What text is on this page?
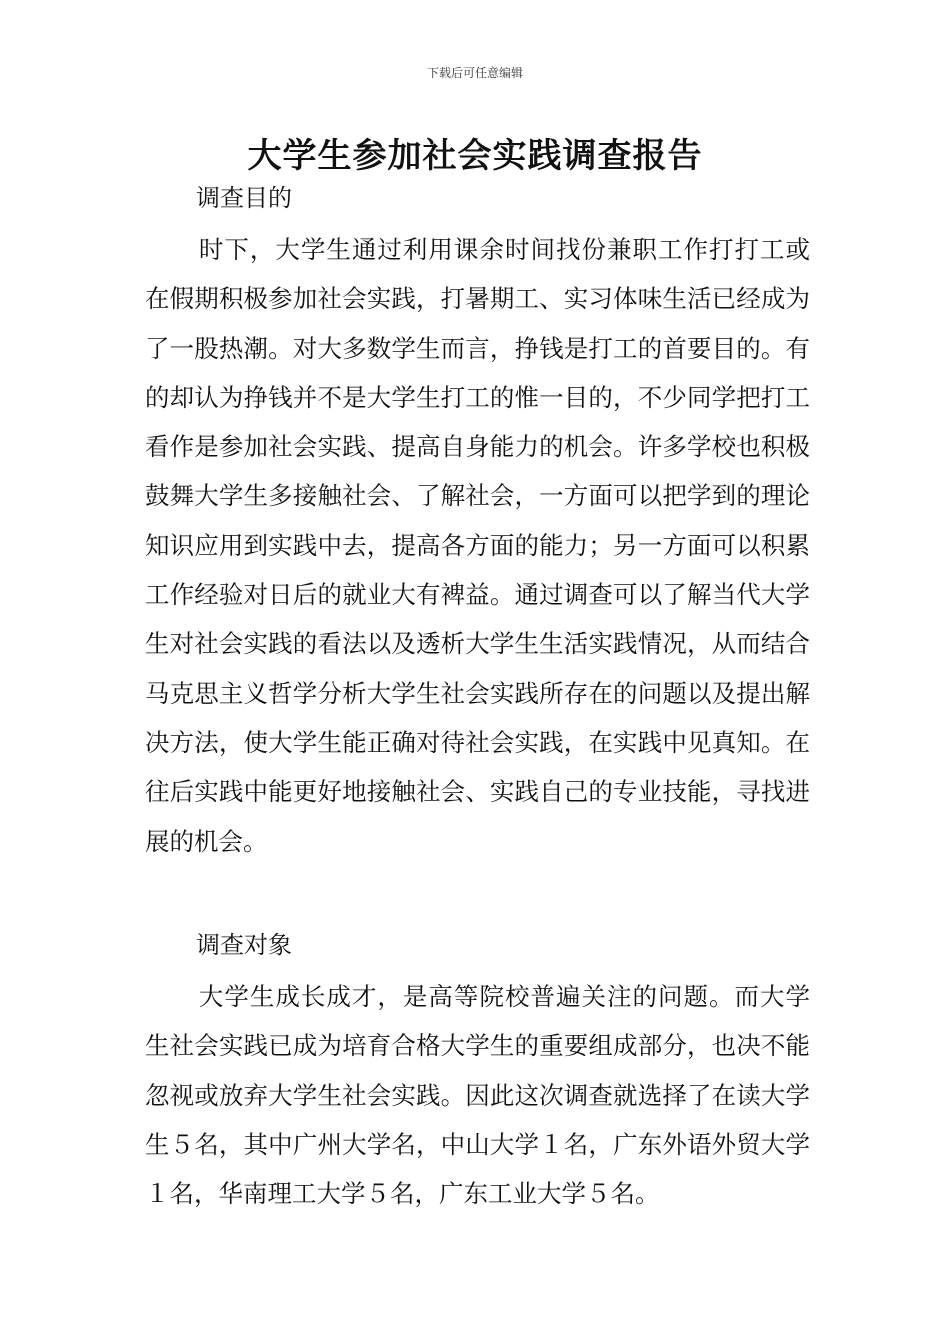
下载后可任意编辑
大学生参加社会实践调查报告
调查目的

时下，大学生通过利用课余时间找份兼职工作打打工或在假期积极参加社会实践，打暑期工、实习体味生活已经成为了一股热潮。对大多数学生而言，挣钱是打工的首要目的。有的却认为挣钱并不是大学生打工的惟一目的，不少同学把打工看作是参加社会实践、提高自身能力的机会。许多学校也积极鼓舞大学生多接触社会、了解社会，一方面可以把学到的理论知识应用到实践中去，提高各方面的能力；另一方面可以积累工作经验对日后的就业大有裨益。通过调查可以了解当代大学生对社会实践的看法以及透析大学生生活实践情况，从而结合马克思主义哲学分析大学生社会实践所存在的问题以及提出解决方法，使大学生能正确对待社会实践，在实践中见真知。在往后实践中能更好地接触社会、实践自己的专业技能，寻找进展的机会。

调查对象

大学生成长成才，是高等院校普遍关注的问题。而大学生社会实践已成为培育合格大学生的重要组成部分，也决不能忽视或放弃大学生社会实践。因此这次调查就选择了在读大学生５名，其中广州大学名，中山大学１名，广东外语外贸大学１名，华南理工大学５名，广东工业大学５名。
